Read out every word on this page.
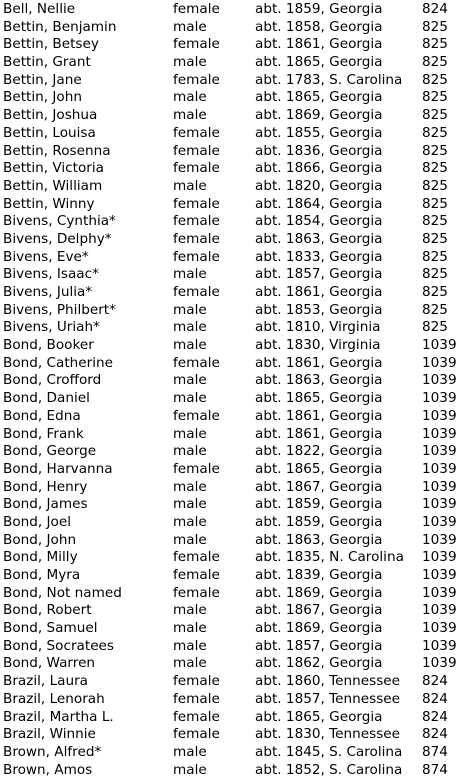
Bell, Nellie	female	abt. 1859, Georgia	824
Bettin, Benjamin	male	abt. 1858, Georgia	825
Bettin, Betsey	female	abt. 1861, Georgia	825
Bettin, Grant	male	abt. 1865, Georgia	825
Bettin, Jane	female	abt. 1783, S. Carolina	825
Bettin, John	male	abt. 1865, Georgia	825
Bettin, Joshua	male	abt. 1869, Georgia	825
Bettin, Louisa	female	abt. 1855, Georgia	825
Bettin, Rosenna	female	abt. 1836, Georgia	825
Bettin, Victoria	female	abt. 1866, Georgia	825
Bettin, William	male	abt. 1820, Georgia	825
Bettin, Winny	female	abt. 1864, Georgia	825
Bivens, Cynthia*	female	abt. 1854, Georgia	825
Bivens, Delphy*	female	abt. 1863, Georgia	825
Bivens, Eve*	female	abt. 1833, Georgia	825
Bivens, Isaac*	male	abt. 1857, Georgia	825
Bivens, Julia*	female	abt. 1861, Georgia	825
Bivens, Philbert*	male	abt. 1853, Georgia	825
Bivens, Uriah*	male	abt. 1810, Virginia	825
Bond, Booker	male	abt. 1830, Virginia	1039
Bond, Catherine	female	abt. 1861, Georgia	1039
Bond, Crofford	male	abt. 1863, Georgia	1039
Bond, Daniel	male	abt. 1865, Georgia	1039
Bond, Edna	female	abt. 1861, Georgia	1039
Bond, Frank	male	abt. 1861, Georgia	1039
Bond, George	male	abt. 1822, Georgia	1039
Bond, Harvanna	female	abt. 1865, Georgia	1039
Bond, Henry	male	abt. 1867, Georgia	1039
Bond, James	male	abt. 1859, Georgia	1039
Bond, Joel	male	abt. 1859, Georgia	1039
Bond, John	male	abt. 1863, Georgia	1039
Bond, Milly	female	abt. 1835, N. Carolina	1039
Bond, Myra	female	abt. 1839, Georgia	1039
Bond, Not named	female	abt. 1869, Georgia	1039
Bond, Robert	male	abt. 1867, Georgia	1039
Bond, Samuel	male	abt. 1869, Georgia	1039
Bond, Socratees	male	abt. 1857, Georgia	1039
Bond, Warren	male	abt. 1862, Georgia	1039
Brazil, Laura	female	abt. 1860, Tennessee	824
Brazil, Lenorah	female	abt. 1857, Tennessee	824
Brazil, Martha L.	female	abt. 1865, Georgia	824
Brazil, Winnie	female	abt. 1830, Tennessee	824
Brown, Alfred*	male	abt. 1845, S. Carolina	874
Brown, Amos	male	abt. 1852, S. Carolina	874
